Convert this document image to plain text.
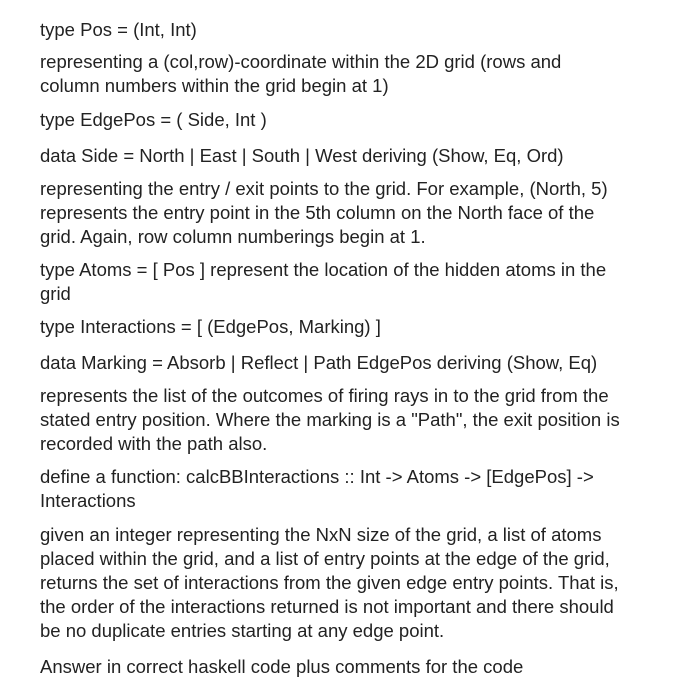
type Pos = (Int, Int)
representing a (col,row)-coordinate within the 2D grid (rows and
column numbers within the grid begin at 1)
type EdgePos = ( Side, Int )
data Side = North | East | South | West deriving (Show, Eq, Ord)
representing the entry / exit points to the grid. For example, (North, 5)
represents the entry point in the 5th column on the North face of the
grid. Again, row column numberings begin at 1.
type Atoms = [ Pos ] represent the location of the hidden atoms in the
grid
type Interactions = [ (EdgePos, Marking) ]
data Marking = Absorb | Reflect | Path EdgePos deriving (Show, Eq)
represents the list of the outcomes of firing rays in to the grid from the
stated entry position. Where the marking is a "Path", the exit position is
recorded with the path also.
define a function: calcBBInteractions :: Int -> Atoms -> [EdgePos] ->
Interactions
given an integer representing the NxN size of the grid, a list of atoms
placed within the grid, and a list of entry points at the edge of the grid,
returns the set of interactions from the given edge entry points. That is,
the order of the interactions returned is not important and there should
be no duplicate entries starting at any edge point.
Answer in correct haskell code plus comments for the code
